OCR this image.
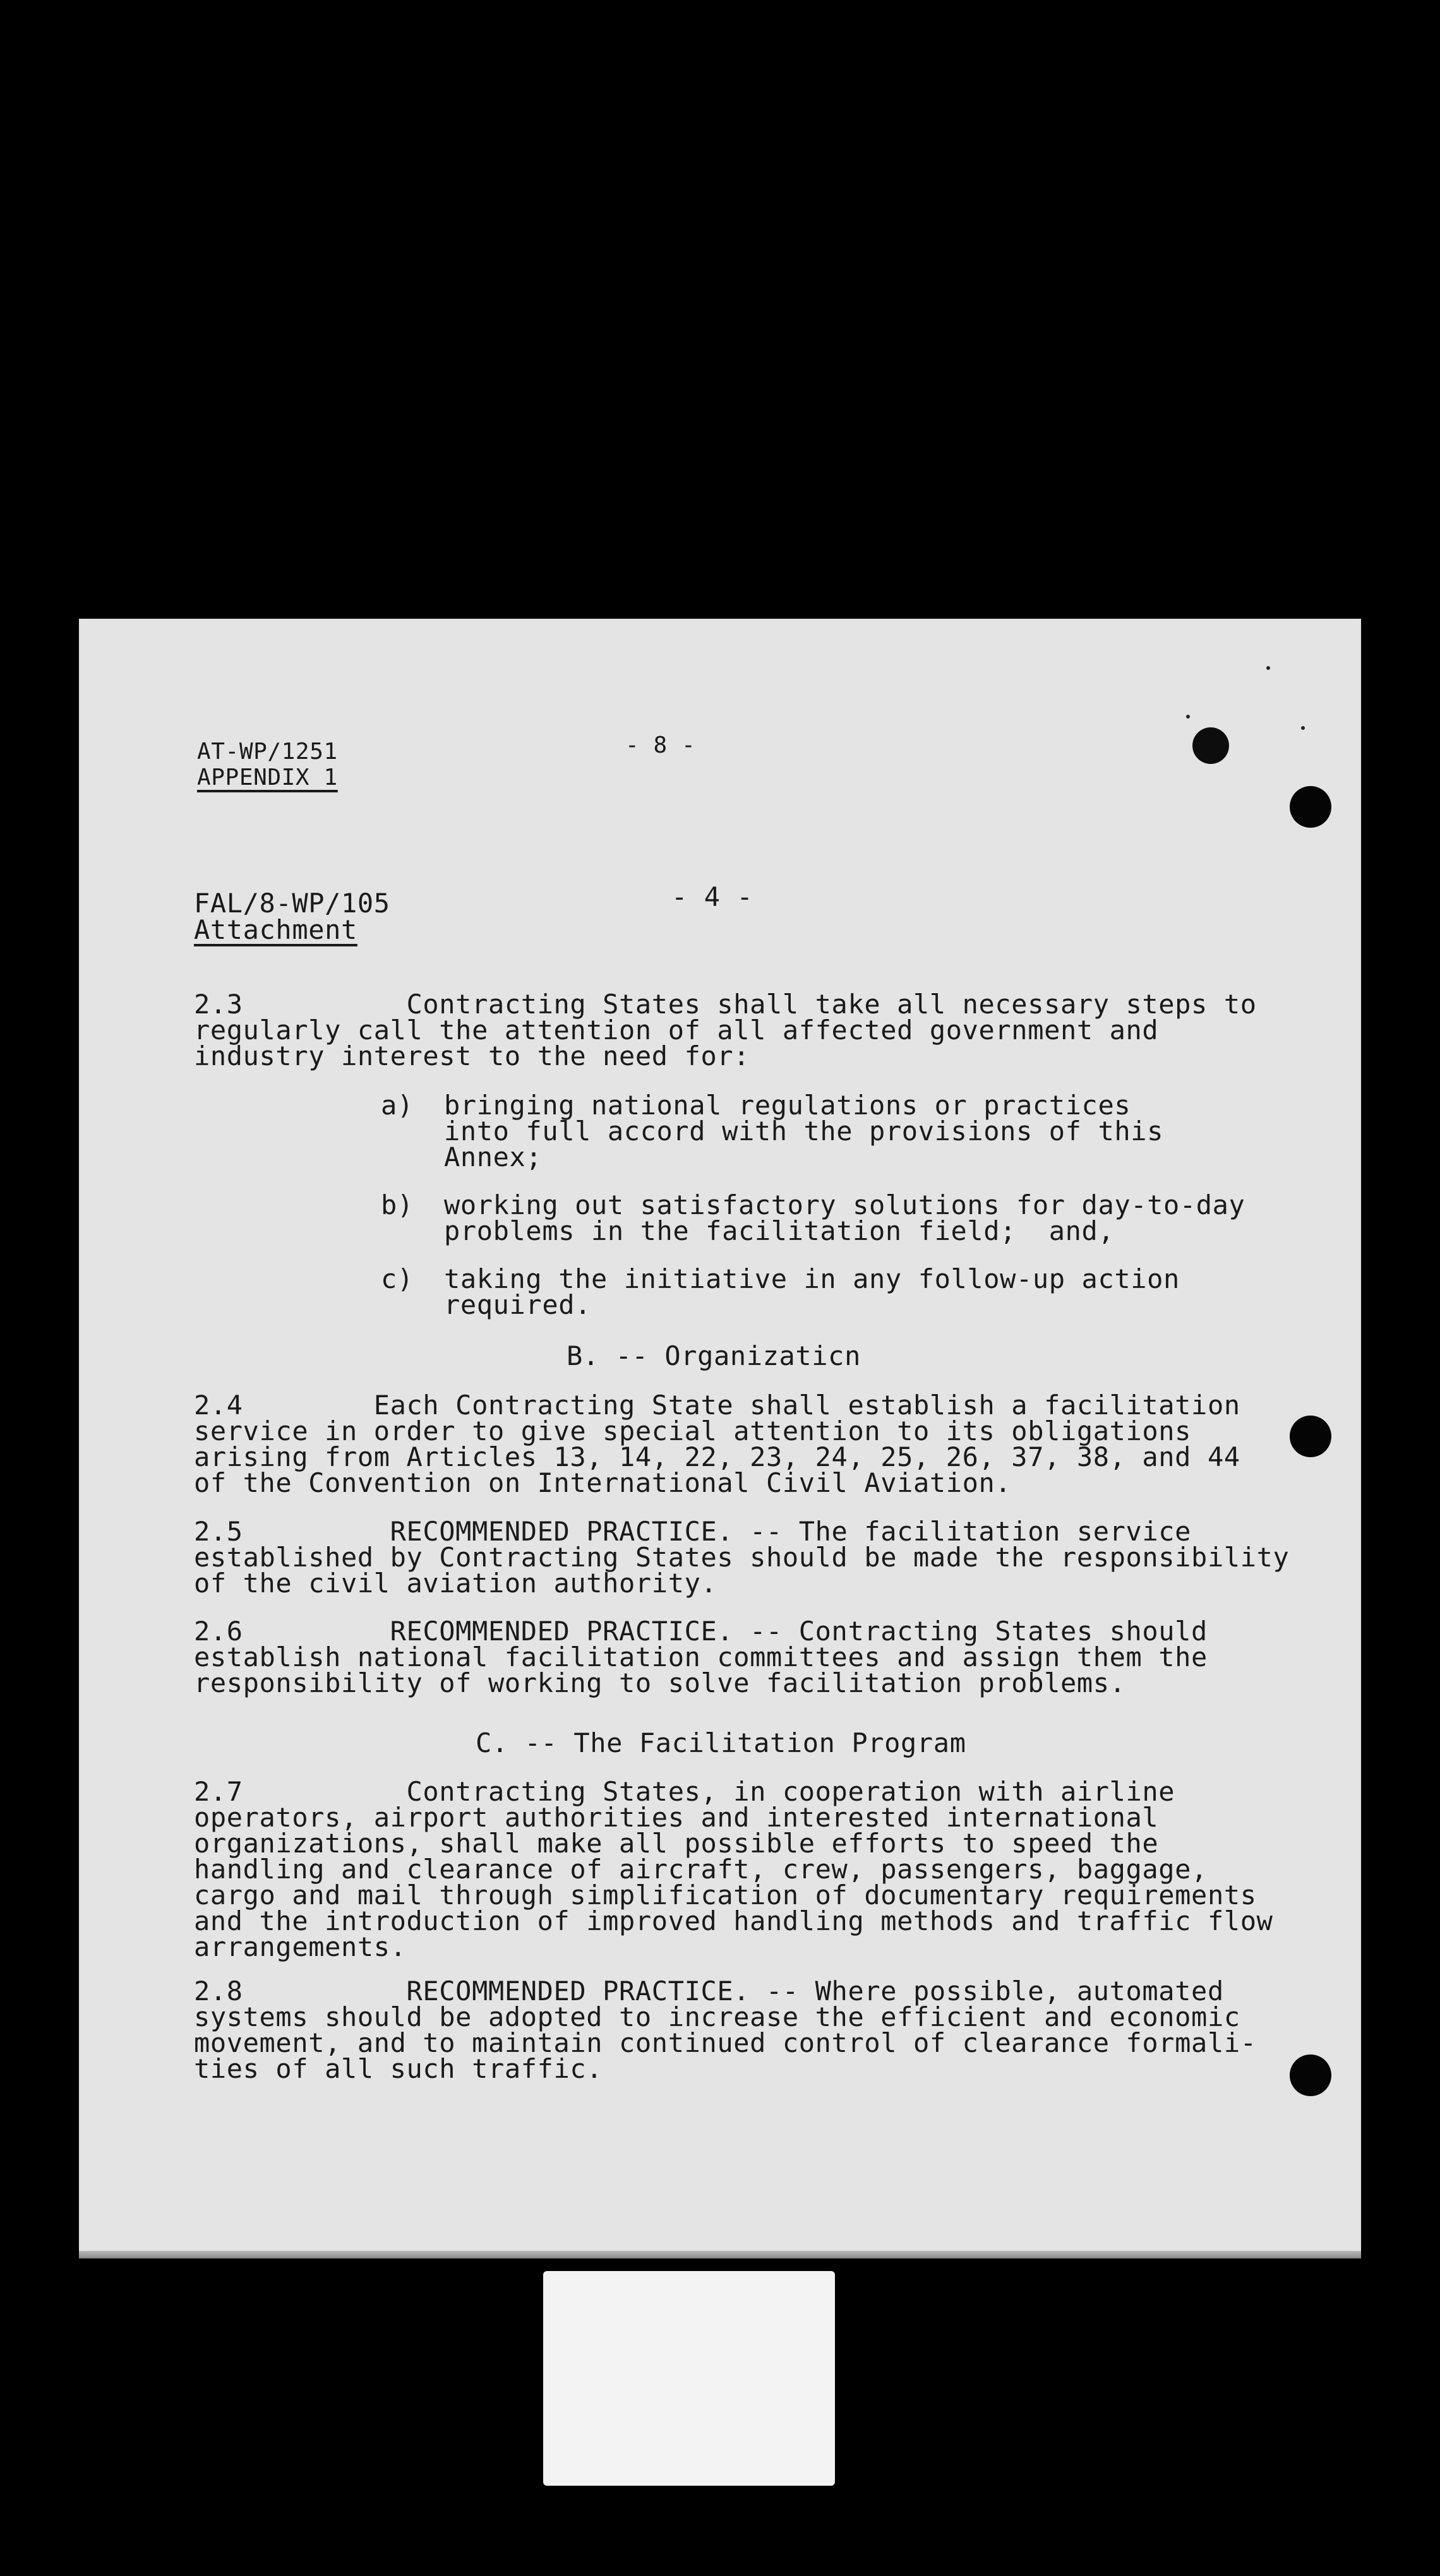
AT-WP/1251
APPENDIX 1
- 8 -
FAL/8-WP/105
Attachment
- 4 -
2.3          Contracting States shall take all necessary steps to
regularly call the attention of all affected government and
industry interest to the need for:
a) bringing national regulations or practices
into full accord with the provisions of this
Annex;
b) working out satisfactory solutions for day-to-day
problems in the facilitation field;  and,
c) taking the initiative in any follow-up action
required.
B. -- Organizaticn
2.4        Each Contracting State shall establish a facilitation
service in order to give special attention to its obligations
arising from Articles 13, 14, 22, 23, 24, 25, 26, 37, 38, and 44
of the Convention on International Civil Aviation.
2.5         RECOMMENDED PRACTICE. -- The facilitation service
established by Contracting States should be made the responsibility
of the civil aviation authority.
2.6         RECOMMENDED PRACTICE. -- Contracting States should
establish national facilitation committees and assign them the
responsibility of working to solve facilitation problems.
C. -- The Facilitation Program
2.7          Contracting States, in cooperation with airline
operators, airport authorities and interested international
organizations, shall make all possible efforts to speed the
handling and clearance of aircraft, crew, passengers, baggage,
cargo and mail through simplification of documentary requirements
and the introduction of improved handling methods and traffic flow
arrangements.
2.8          RECOMMENDED PRACTICE. -- Where possible, automated
systems should be adopted to increase the efficient and economic
movement, and to maintain continued control of clearance formali-
ties of all such traffic.
